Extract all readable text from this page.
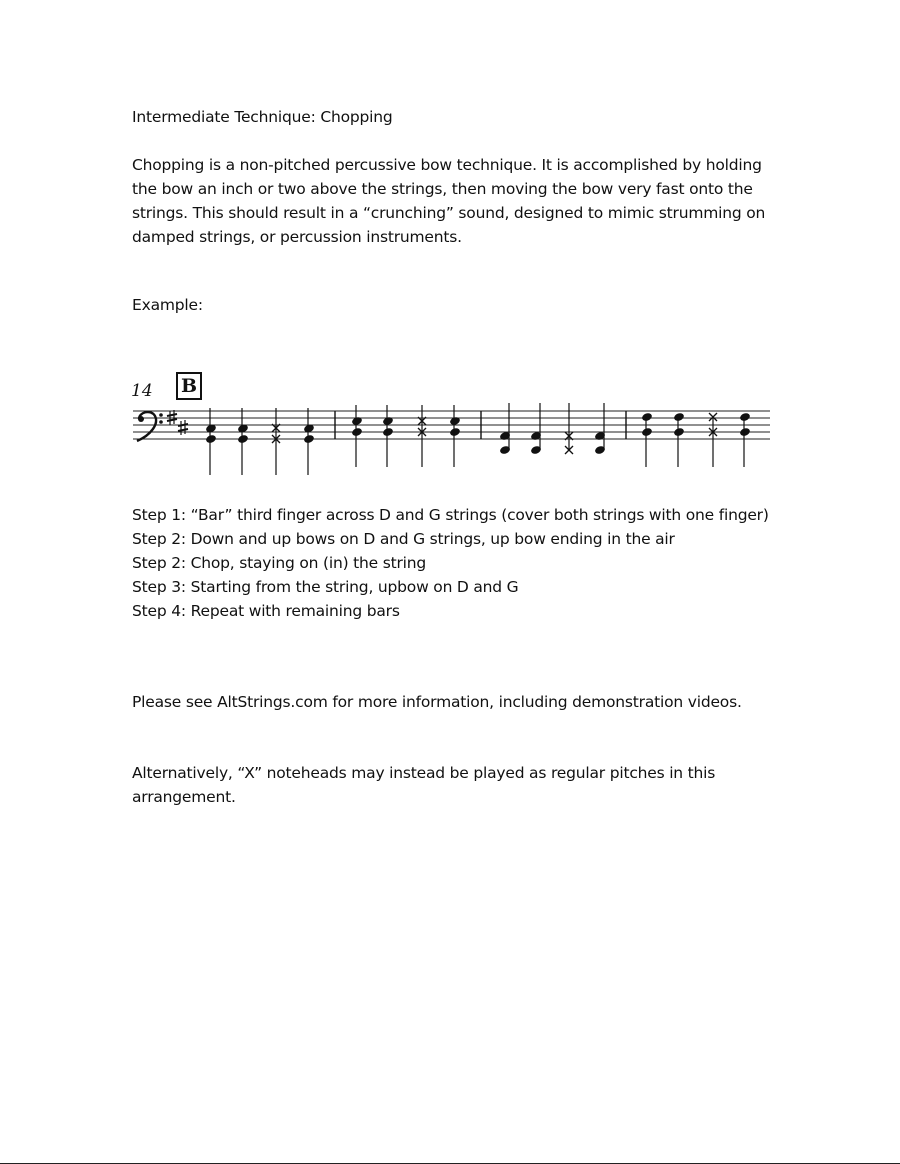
Intermediate Technique: Chopping

Chopping is a non-pitched percussive bow technique. It is accomplished by holding the bow an inch or two above the strings, then moving the bow very fast onto the strings. This should result in a “crunching” sound, designed to mimic strumming on damped strings, or percussion instruments.

Example:

14 B
Step 1: “Bar” third finger across D and G strings (cover both strings with one finger)
Step 2: Down and up bows on D and G strings, up bow ending in the air
Step 2: Chop, staying on (in) the string
Step 3: Starting from the string, upbow on D and G
Step 4: Repeat with remaining bars

Please see AltStrings.com for more information, including demonstration videos.

Alternatively, “X” noteheads may instead be played as regular pitches in this arrangement.
